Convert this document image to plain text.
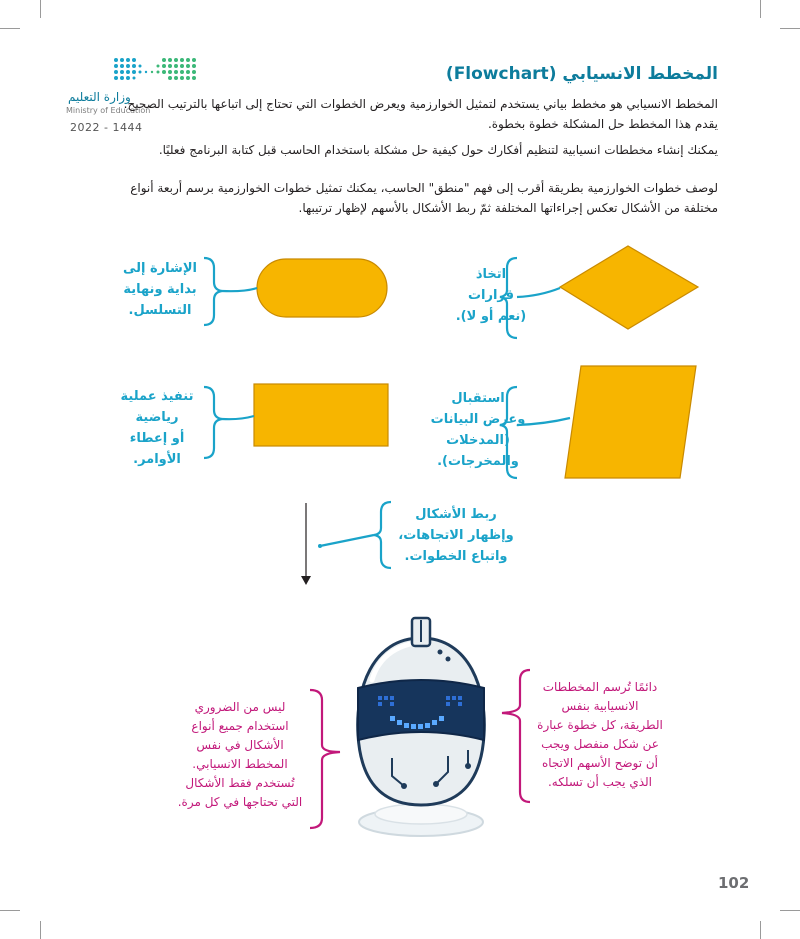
وزارة التعليم
Ministry of Education
2022 - 1444
المخطط الانسيابي (Flowchart)
المخطط الانسيابي هو مخطط بياني يستخدم لتمثيل الخوارزمية ويعرض الخطوات التي تحتاج إلى اتباعها بالترتيب الصحيح.
يقدم هذا المخطط حل المشكلة خطوة بخطوة.
يمكنك إنشاء مخططات انسيابية لتنظيم أفكارك حول كيفية حل مشكلة باستخدام الحاسب قبل كتابة البرنامج فعليًا.
لوصف خطوات الخوارزمية بطريقة أقرب إلى فهم "منطق" الحاسب، يمكنك تمثيل خطوات الخوارزمية برسم أربعة أنواع
مختلفة من الأشكال تعكس إجراءاتها المختلفة ثمّ ربط الأشكال بالأسهم لإظهار ترتيبها.
الإشارة إلى
بداية ونهاية
التسلسل.
اتخاذ
قرارات
(نعم أو لا).
تنفيذ عملية
رياضية
أو إعطاء
الأوامر.
استقبال
وعرض البيانات
(المدخلات
والمخرجات).
ربط الأشكال
وإظهار الاتجاهات،
واتباع الخطوات.
ليس من الضروري
استخدام جميع أنواع
الأشكال في نفس
المخطط الانسيابي.
تُستخدم فقط الأشكال
التي تحتاجها في كل مرة.
دائمًا تُرسم المخططات
الانسيابية بنفس
الطريقة، كل خطوة عبارة
عن شكل منفصل ويجب
أن توضح الأسهم الاتجاه
الذي يجب أن تسلكه.
102
